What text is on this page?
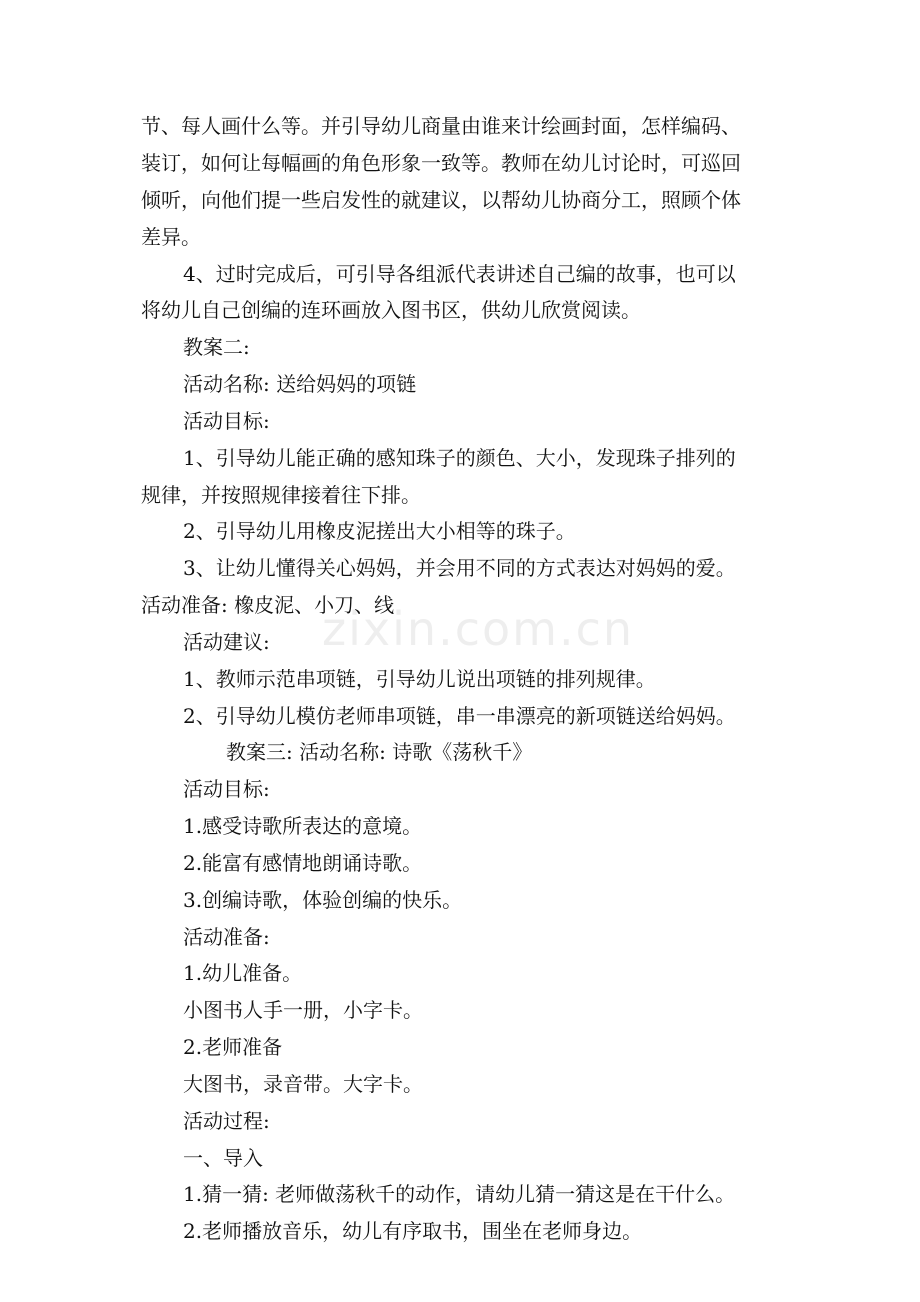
zixin.com.cn
节、每人画什么等。并引导幼儿商量由谁来计绘画封面，怎样编码、
装订，如何让每幅画的角色形象一致等。教师在幼儿讨论时，可巡回
倾听，向他们提一些启发性的就建议，以帮幼儿协商分工，照顾个体
差异。
4、过时完成后，可引导各组派代表讲述自己编的故事，也可以
将幼儿自己创编的连环画放入图书区，供幼儿欣赏阅读。
教案二:
活动名称: 送给妈妈的项链
活动目标:
1、引导幼儿能正确的感知珠子的颜色、大小，发现珠子排列的
规律，并按照规律接着往下排。
2、引导幼儿用橡皮泥搓出大小相等的珠子。
3、让幼儿懂得关心妈妈，并会用不同的方式表达对妈妈的爱。
活动准备: 橡皮泥、小刀、线
活动建议:
1、教师示范串项链，引导幼儿说出项链的排列规律。
2、引导幼儿模仿老师串项链，串一串漂亮的新项链送给妈妈。
教案三: 活动名称: 诗歌《荡秋千》
活动目标:
1.感受诗歌所表达的意境。
2.能富有感情地朗诵诗歌。
3.创编诗歌，体验创编的快乐。
活动准备:
1.幼儿准备。
小图书人手一册，小字卡。
2.老师准备
大图书，录音带。大字卡。
活动过程:
一、导入
1.猜一猜: 老师做荡秋千的动作，请幼儿猜一猜这是在干什么。
2.老师播放音乐，幼儿有序取书，围坐在老师身边。
